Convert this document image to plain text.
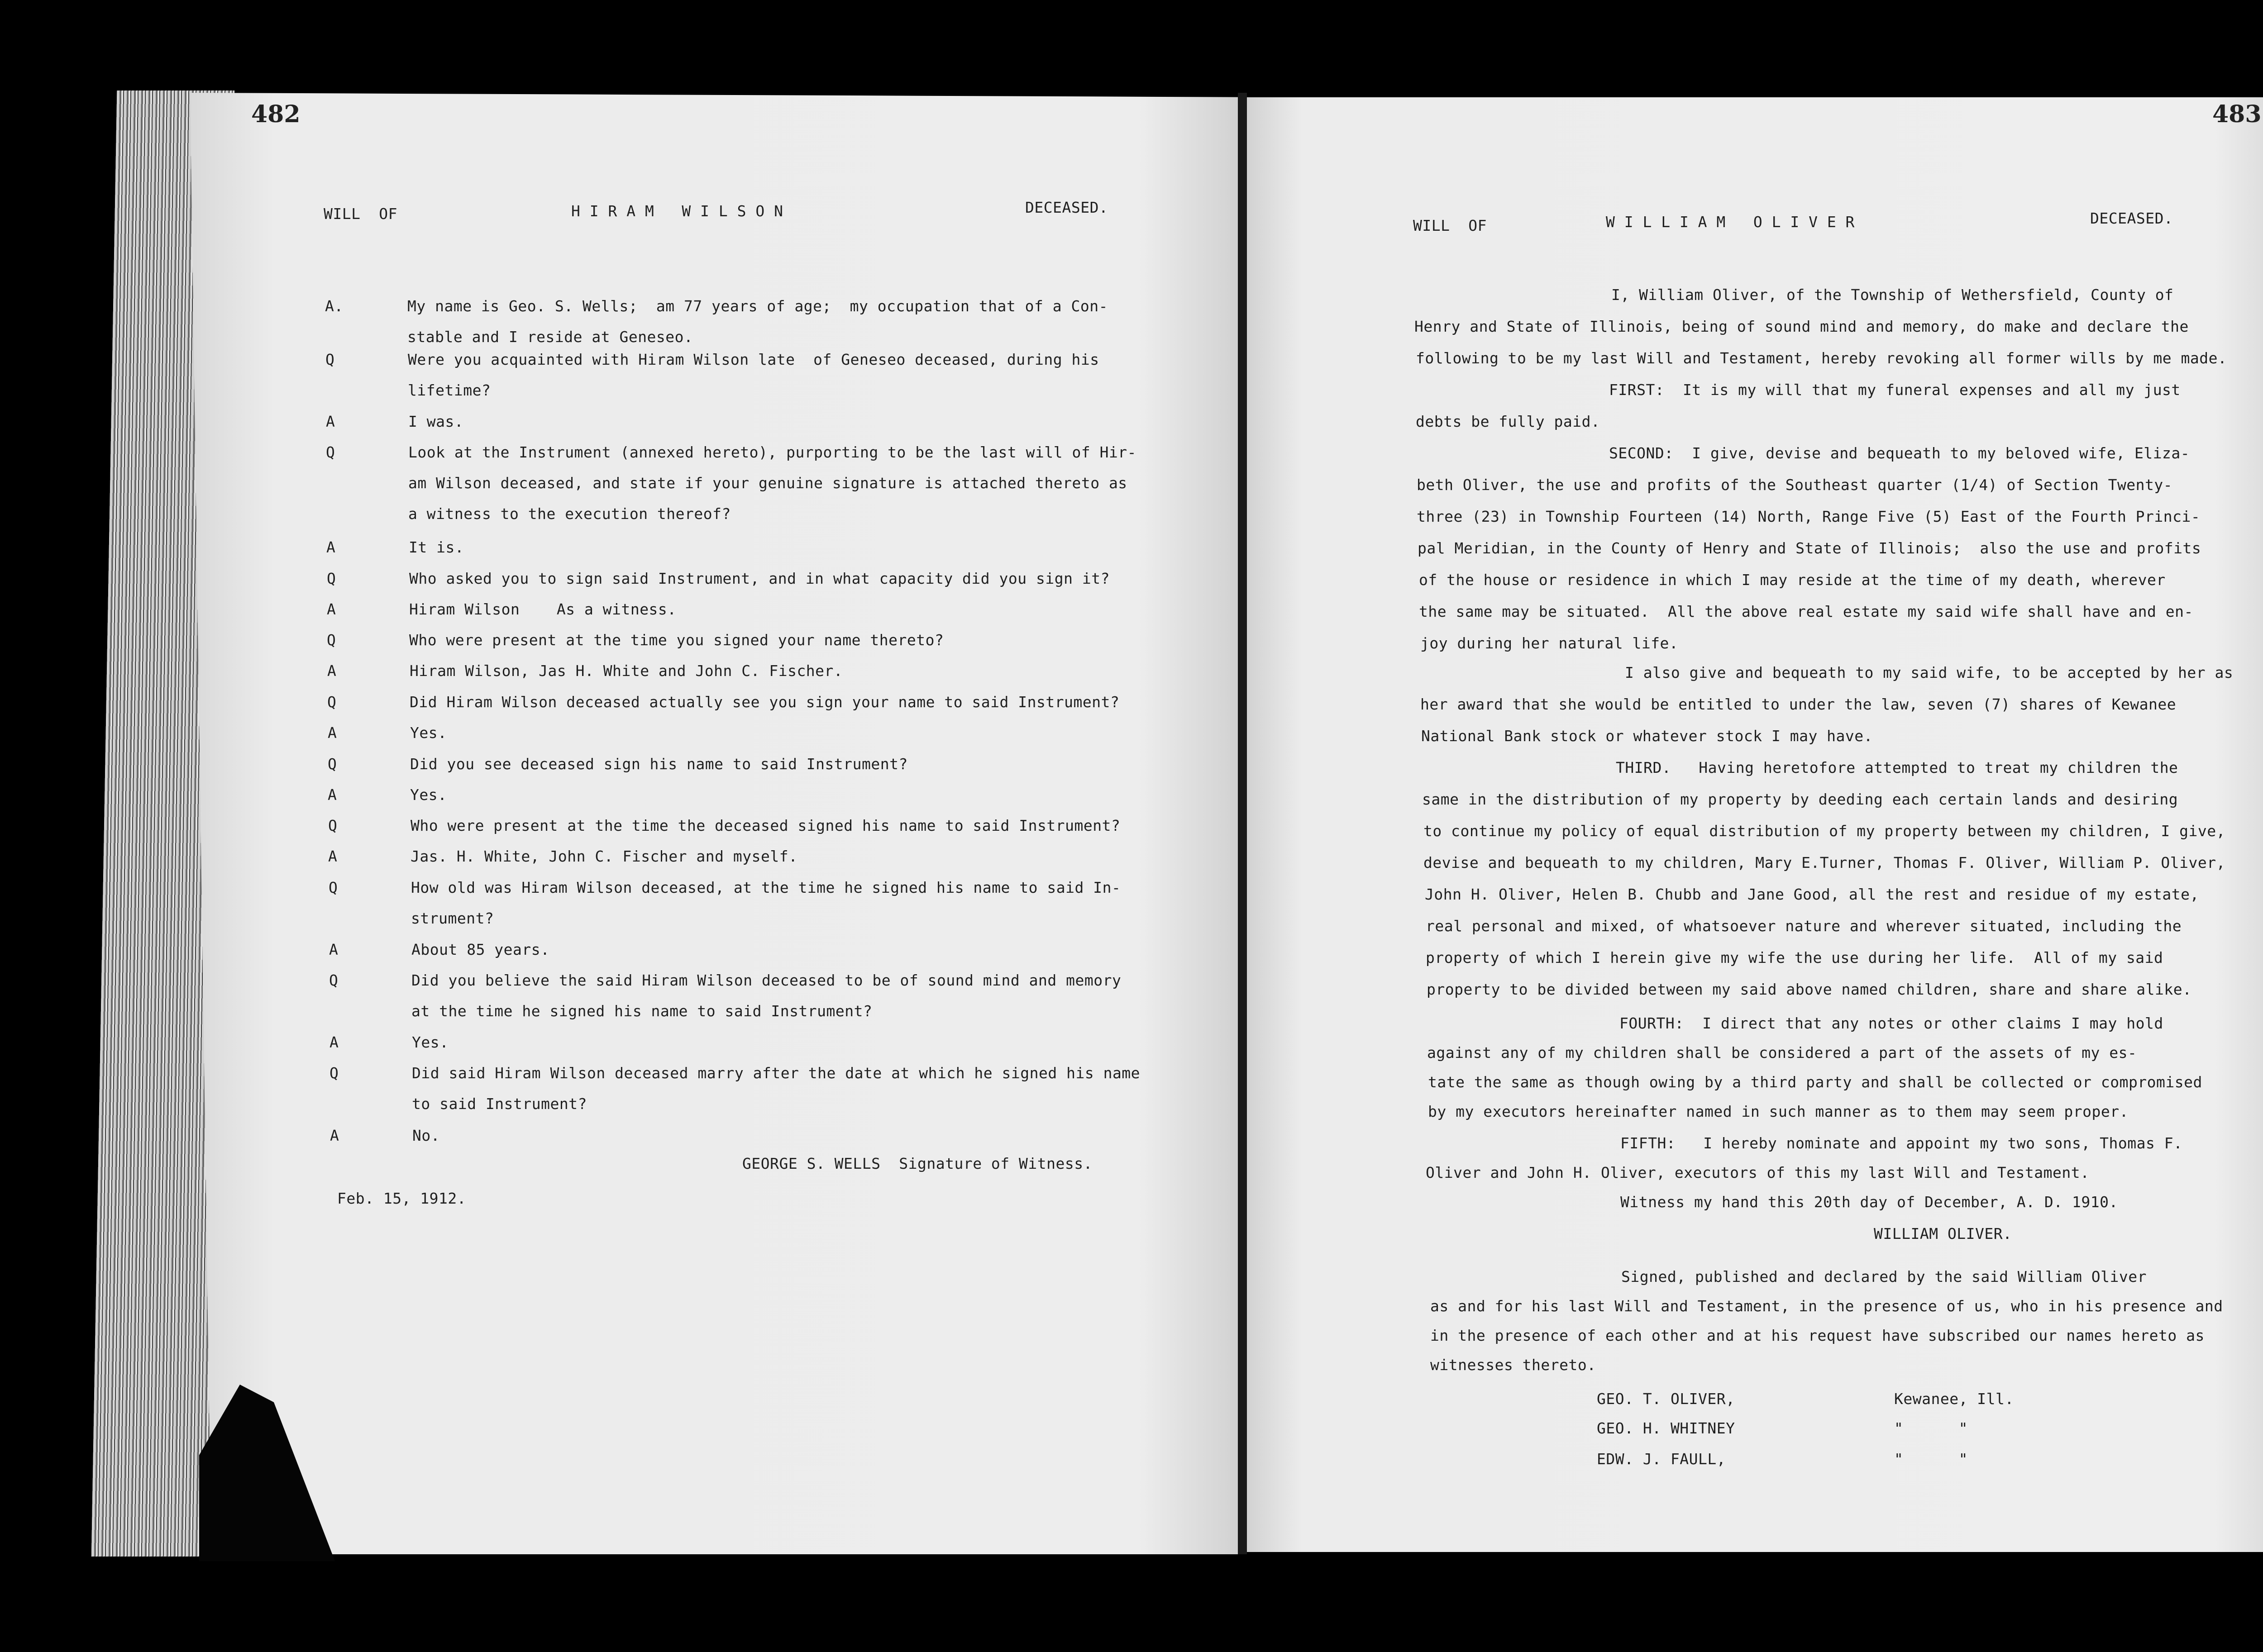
482
WILL  OF	H I R A M   W I L S O N	DECEASED.
A.	My name is Geo. S. Wells;  am 77 years of age;  my occupation that of a Con-
stable and I reside at Geneseo.
Q	Were you acquainted with Hiram Wilson late  of Geneseo deceased, during his
lifetime?
A	I was.
Q	Look at the Instrument (annexed hereto), purporting to be the last will of Hir-
am Wilson deceased, and state if your genuine signature is attached thereto as
a witness to the execution thereof?
A	It is.
Q	Who asked you to sign said Instrument, and in what capacity did you sign it?
A	Hiram Wilson    As a witness.
Q	Who were present at the time you signed your name thereto?
A	Hiram Wilson, Jas H. White and John C. Fischer.
Q	Did Hiram Wilson deceased actually see you sign your name to said Instrument?
A	Yes.
Q	Did you see deceased sign his name to said Instrument?
A	Yes.
Q	Who were present at the time the deceased signed his name to said Instrument?
A	Jas. H. White, John C. Fischer and myself.
Q	How old was Hiram Wilson deceased, at the time he signed his name to said In-
strument?
A	About 85 years.
Q	Did you believe the said Hiram Wilson deceased to be of sound mind and memory
at the time he signed his name to said Instrument?
A	Yes.
Q	Did said Hiram Wilson deceased marry after the date at which he signed his name
to said Instrument?
A	No.
GEORGE S. WELLS  Signature of Witness.
Feb. 15, 1912.
483
WILL  OF	W I L L I A M   O L I V E R	DECEASED.
I, William Oliver, of the Township of Wethersfield, County of
Henry and State of Illinois, being of sound mind and memory, do make and declare the
following to be my last Will and Testament, hereby revoking all former wills by me made.
FIRST:  It is my will that my funeral expenses and all my just
debts be fully paid.
SECOND:  I give, devise and bequeath to my beloved wife, Eliza-
beth Oliver, the use and profits of the Southeast quarter (1/4) of Section Twenty-
three (23) in Township Fourteen (14) North, Range Five (5) East of the Fourth Princi-
pal Meridian, in the County of Henry and State of Illinois;  also the use and profits
of the house or residence in which I may reside at the time of my death, wherever
the same may be situated.  All the above real estate my said wife shall have and en-
joy during her natural life.
I also give and bequeath to my said wife, to be accepted by her as
her award that she would be entitled to under the law, seven (7) shares of Kewanee
National Bank stock or whatever stock I may have.
THIRD.   Having heretofore attempted to treat my children the
same in the distribution of my property by deeding each certain lands and desiring
to continue my policy of equal distribution of my property between my children, I give,
devise and bequeath to my children, Mary E.Turner, Thomas F. Oliver, William P. Oliver,
John H. Oliver, Helen B. Chubb and Jane Good, all the rest and residue of my estate,
real personal and mixed, of whatsoever nature and wherever situated, including the
property of which I herein give my wife the use during her life.  All of my said
property to be divided between my said above named children, share and share alike.
FOURTH:  I direct that any notes or other claims I may hold
against any of my children shall be considered a part of the assets of my es-
tate the same as though owing by a third party and shall be collected or compromised
by my executors hereinafter named in such manner as to them may seem proper.
FIFTH:   I hereby nominate and appoint my two sons, Thomas F.
Oliver and John H. Oliver, executors of this my last Will and Testament.
Witness my hand this 20th day of December, A. D. 1910.
WILLIAM OLIVER.
Signed, published and declared by the said William Oliver
as and for his last Will and Testament, in the presence of us, who in his presence and
in the presence of each other and at his request have subscribed our names hereto as
witnesses thereto.
GEO. T. OLIVER,	Kewanee, Ill.
GEO. H. WHITNEY	"      "
EDW. J. FAULL,	"      "
